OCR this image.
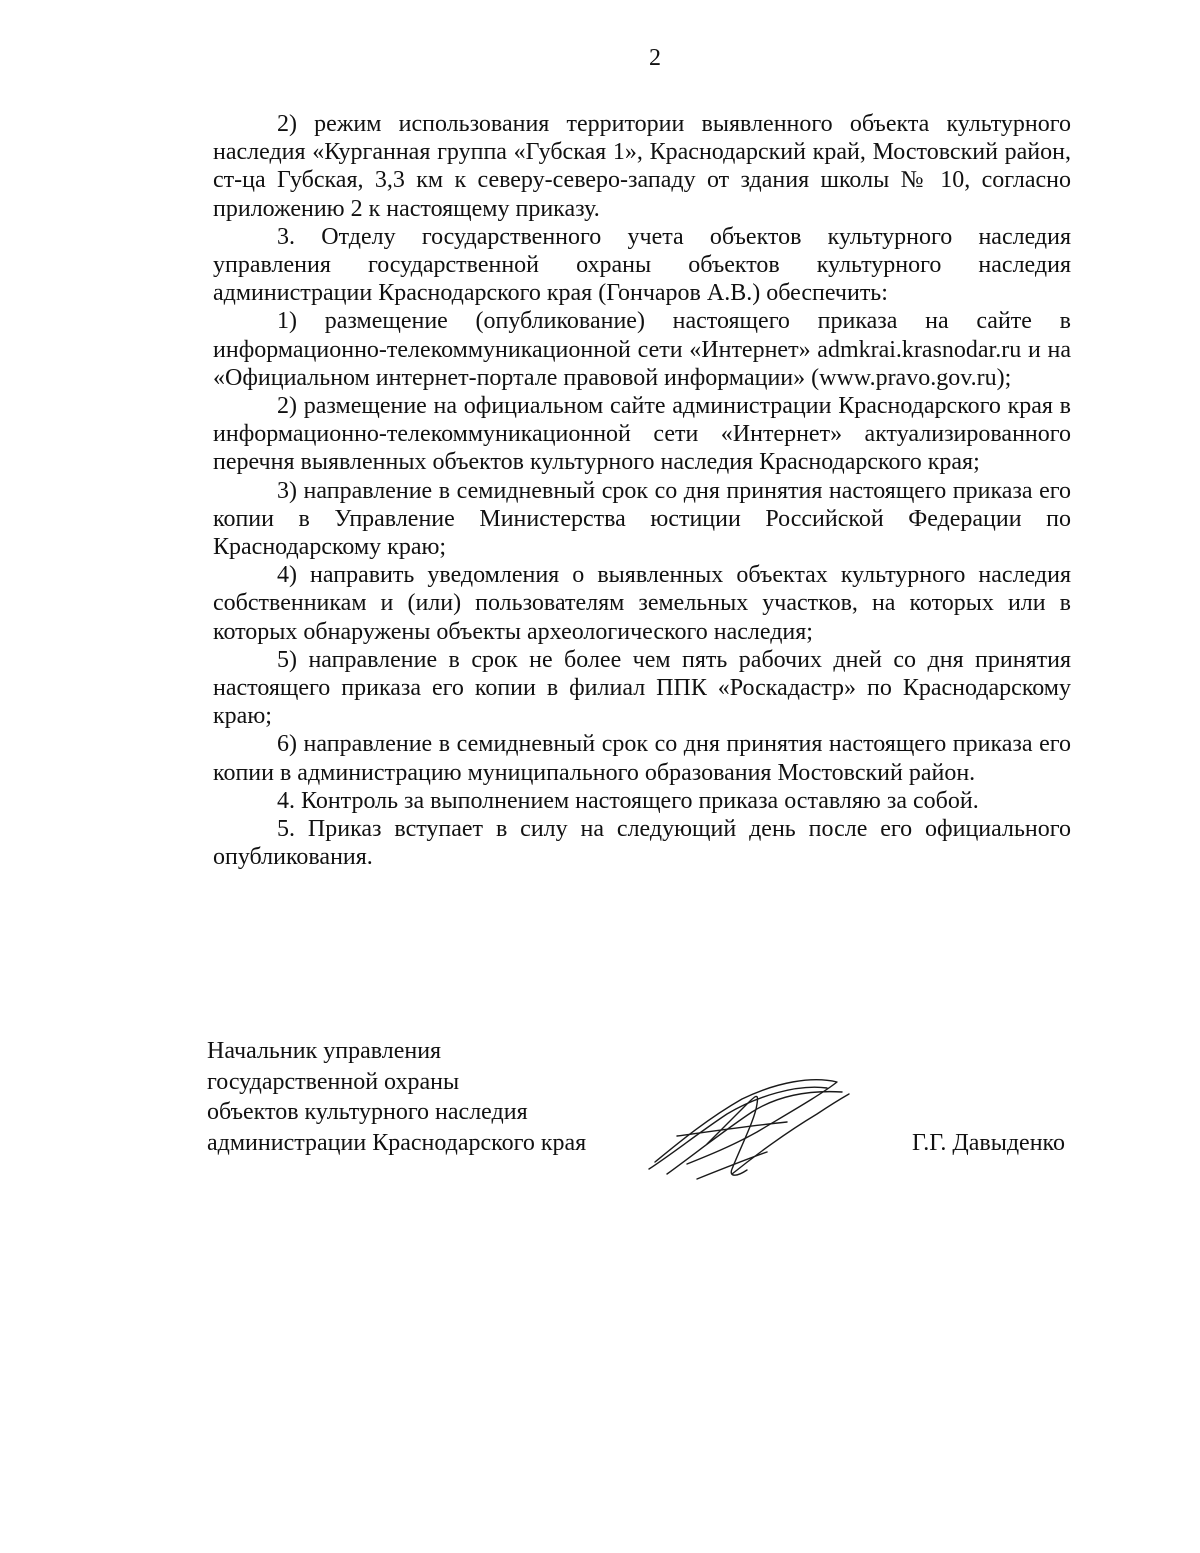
2

2) режим использования территории выявленного объекта культурного наследия «Курганная группа «Губская 1», Краснодарский край, Мостовский район, ст-ца Губская, 3,3 км к северу-северо-западу от здания школы № 10, согласно приложению 2 к настоящему приказу.

3. Отделу государственного учета объектов культурного наследия управления государственной охраны объектов культурного наследия администрации Краснодарского края (Гончаров А.В.) обеспечить:

1) размещение (опубликование) настоящего приказа на сайте в информационно-телекоммуникационной сети «Интернет» admkrai.krasnodar.ru и на «Официальном интернет-портале правовой информации» (www.pravo.gov.ru);

2) размещение на официальном сайте администрации Краснодарского края в информационно-телекоммуникационной сети «Интернет» актуализированного перечня выявленных объектов культурного наследия Краснодарского края;

3) направление в семидневный срок со дня принятия настоящего приказа его копии в Управление Министерства юстиции Российской Федерации по Краснодарскому краю;

4) направить уведомления о выявленных объектах культурного наследия собственникам и (или) пользователям земельных участков, на которых или в которых обнаружены объекты археологического наследия;

5) направление в срок не более чем пять рабочих дней со дня принятия настоящего приказа его копии в филиал ППК «Роскадастр» по Краснодарскому краю;

6) направление в семидневный срок со дня принятия настоящего приказа его копии в администрацию муниципального образования Мостовский район.

4. Контроль за выполнением настоящего приказа оставляю за собой.

5. Приказ вступает в силу на следующий день после его официального опубликования.

Начальник управления
государственной охраны
объектов культурного наследия
администрации Краснодарского края	Г.Г. Давыденко
